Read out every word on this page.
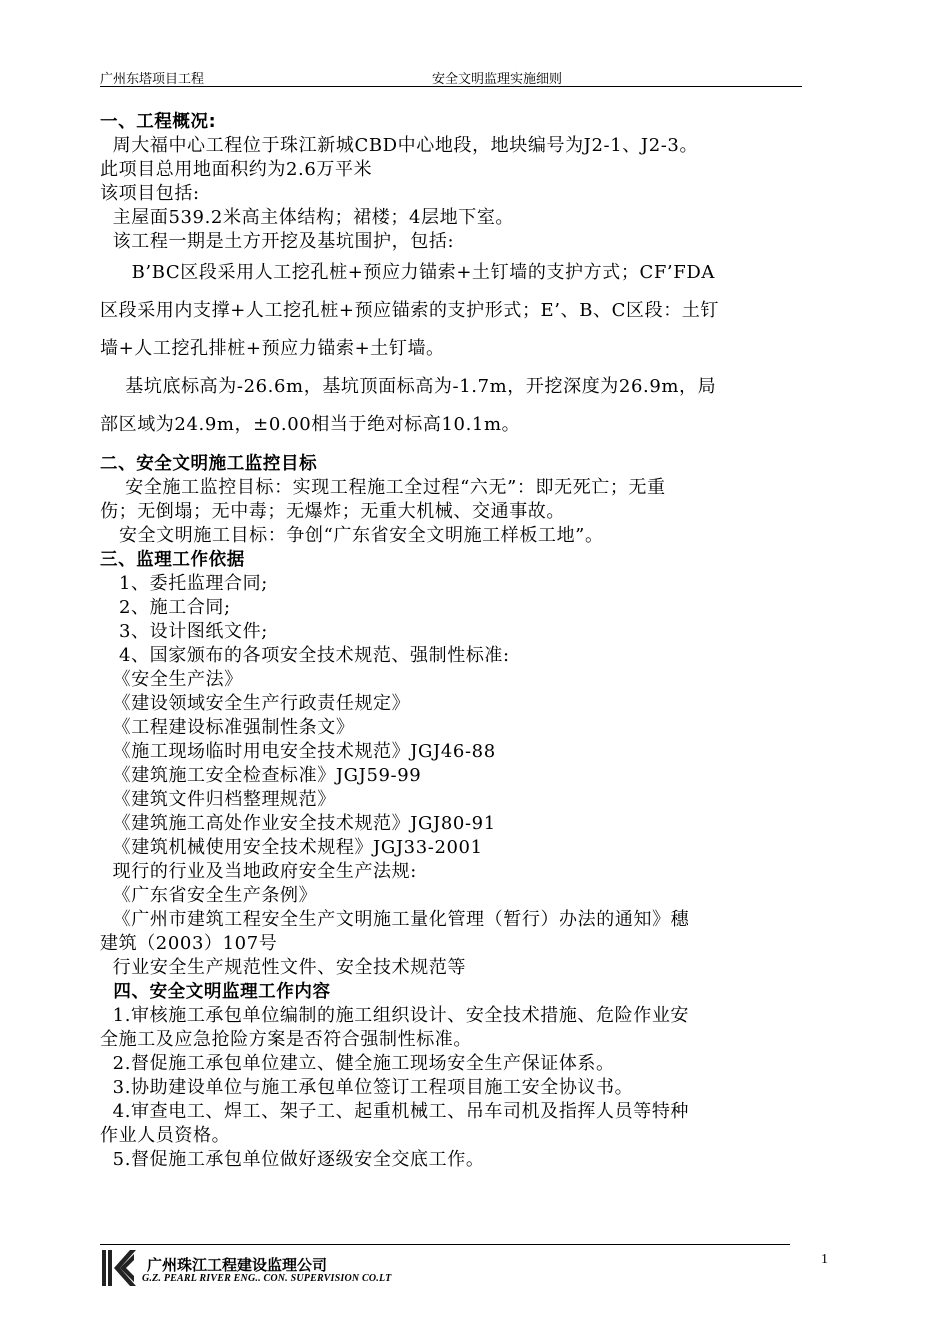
广州东塔项目工程	安全文明监理实施细则

一、工程概况:

周大福中心工程位于珠江新城CBD中心地段，地块编号为J2-1、J2-3。

此项目总用地面积约为2.6万平米

该项目包括:

主屋面539.2米高主体结构；裙楼；4层地下室。

该工程一期是土方开挖及基坑围护，包括:

B’BC区段采用人工挖孔桩+预应力锚索+土钉墙的支护方式；CF’FDA

区段采用内支撑+人工挖孔桩+预应锚索的支护形式；E’、B、C区段：土钉

墙+人工挖孔排桩+预应力锚索+土钉墙。

基坑底标高为-26.6m，基坑顶面标高为-1.7m，开挖深度为26.9m，局

部区域为24.9m，±0.00相当于绝对标高10.1m。

二、安全文明施工监控目标

安全施工监控目标：实现工程施工全过程“六无”：即无死亡；无重

伤；无倒塌；无中毒；无爆炸；无重大机械、交通事故。

安全文明施工目标：争创“广东省安全文明施工样板工地”。

三、监理工作依据

1、委托监理合同;

2、施工合同;

3、设计图纸文件;

4、国家颁布的各项安全技术规范、强制性标准:

《安全生产法》

《建设领域安全生产行政责任规定》

《工程建设标准强制性条文》

《施工现场临时用电安全技术规范》JGJ46-88

《建筑施工安全检查标准》JGJ59-99

《建筑文件归档整理规范》

《建筑施工高处作业安全技术规范》JGJ80-91

《建筑机械使用安全技术规程》JGJ33-2001

现行的行业及当地政府安全生产法规:

《广东省安全生产条例》

《广州市建筑工程安全生产文明施工量化管理（暂行）办法的通知》穗

建筑（2003）107号

行业安全生产规范性文件、安全技术规范等

四、安全文明监理工作内容

1.审核施工承包单位编制的施工组织设计、安全技术措施、危险作业安

全施工及应急抢险方案是否符合强制性标准。

2.督促施工承包单位建立、健全施工现场安全生产保证体系。

3.协助建设单位与施工承包单位签订工程项目施工安全协议书。

4.审查电工、焊工、架子工、起重机械工、吊车司机及指挥人员等特种

作业人员资格。

5.督促施工承包单位做好逐级安全交底工作。

广州珠江工程建设监理公司
G.Z. PEARL RIVER ENG.. CON. SUPERVISION CO.LT
1
